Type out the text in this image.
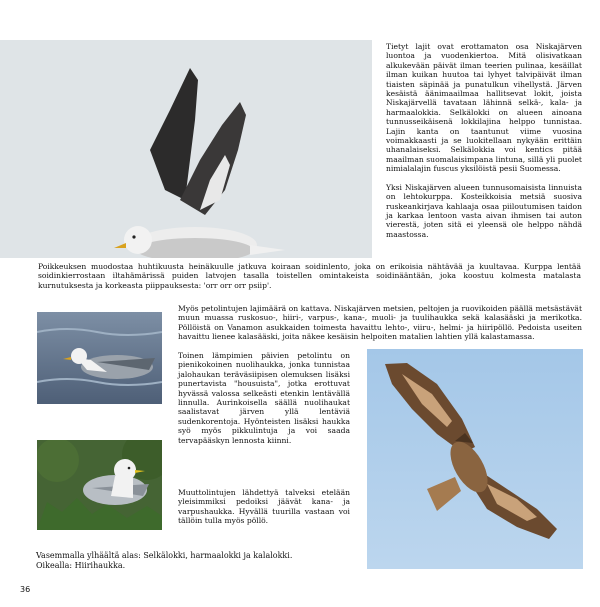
Tietyt lajit ovat erottamaton osa Niskajärven luontoa ja vuodenkiertoa. Mitä olisivatkaan alkukevään päivät ilman teerien pulinaa, kesäillat ilman kuikan huutoa tai lyhyet talvipäivät ilman tiaisten säpinää ja punatulkun vihellystä. Järven kesäistä äänimaailmaa hallitsevat lokit, joista Niskajärvellä tavataan lähinnä selkä-, kala- ja harmaalokkia. Selkälokki on alueen ainoana tunnusseikäisenä lokkilajina helppo tunnistaa. Lajin kanta on taantunut viime vuosina voimakkaasti ja se luokitellaan nykyään erittäin uhanalaiseksi. Selkälokkia voi kentics pitää maailman suomalaisimpana lintuna, sillä yli puolet nimialalajin fuscus yksilöistä pesii Suomessa.

Yksi Niskajärven alueen tunnusomaisista linnuista on lehtokurppa. Kosteikkoisia metsiä suosiva ruskeankirjava kahlaaja osaa piiloutumisen taidon ja karkaa lentoon vasta aivan ihmisen tai auton vierestä, joten sitä ei yleensä ole helppo nähdä maastossa.

Poikkeuksen muodostaa huhtikuusta heinäkuulle jatkuva koiraan soidinlento, joka on erikoisia nähtävää ja kuultavaa. Kurppa lentää soidinkierrostaan iltahämärissä puiden latvojen tasalla toistellen omintakeista soidinääntään, joka koostuu kolmesta matalasta kurnutuksesta ja korkeasta piippauksesta: 'orr orr orr psiip'.
Myös petolintujen lajimäärä on kattava. Niskajärven metsien, peltojen ja ruovikoiden päällä metsästävät muun muassa ruskosuo-, hiiri-, varpus-, kana-, muoli- ja tuulihaukka sekä kalasääski ja merikotka. Pöllöistä on Vanamon asukkaiden toimesta havaittu lehto-, viiru-, helmi- ja hiiripöllö. Pedoista useiten havaittu lienee kalasääski, joita näkee kesäisin helpoiten matalien lahtien yllä kalastamassa.
Toinen lämpimien päivien petolintu on pienikokoinen nuolihaukka, jonka tunnistaa jalohaukan teräväsiipisen olemuksen lisäksi punertavista "housuista", jotka erottuvat hyvässä valossa selkeästi etenkin lentävällä linnulla. Aurinkoisella säällä nuolihaukat saalistavat järven yllä lentäviä sudenkorentoja. Hyönteisten lisäksi haukka syö myös pikkulintuja ja voi saada tervapääskyn lennosta kiinni.
Muuttolintujen lähdettyä talveksi etelään yleisimmiksi pedoiksi jäävät kana- ja varpushaukka. Hyvällä tuurilla vastaan voi tällöin tulla myös pöllö.
Vasemmalla ylhäältä alas: Selkälokki, harmaalokki ja kalalokki.
Oikealla: Hiirihaukka.
36
